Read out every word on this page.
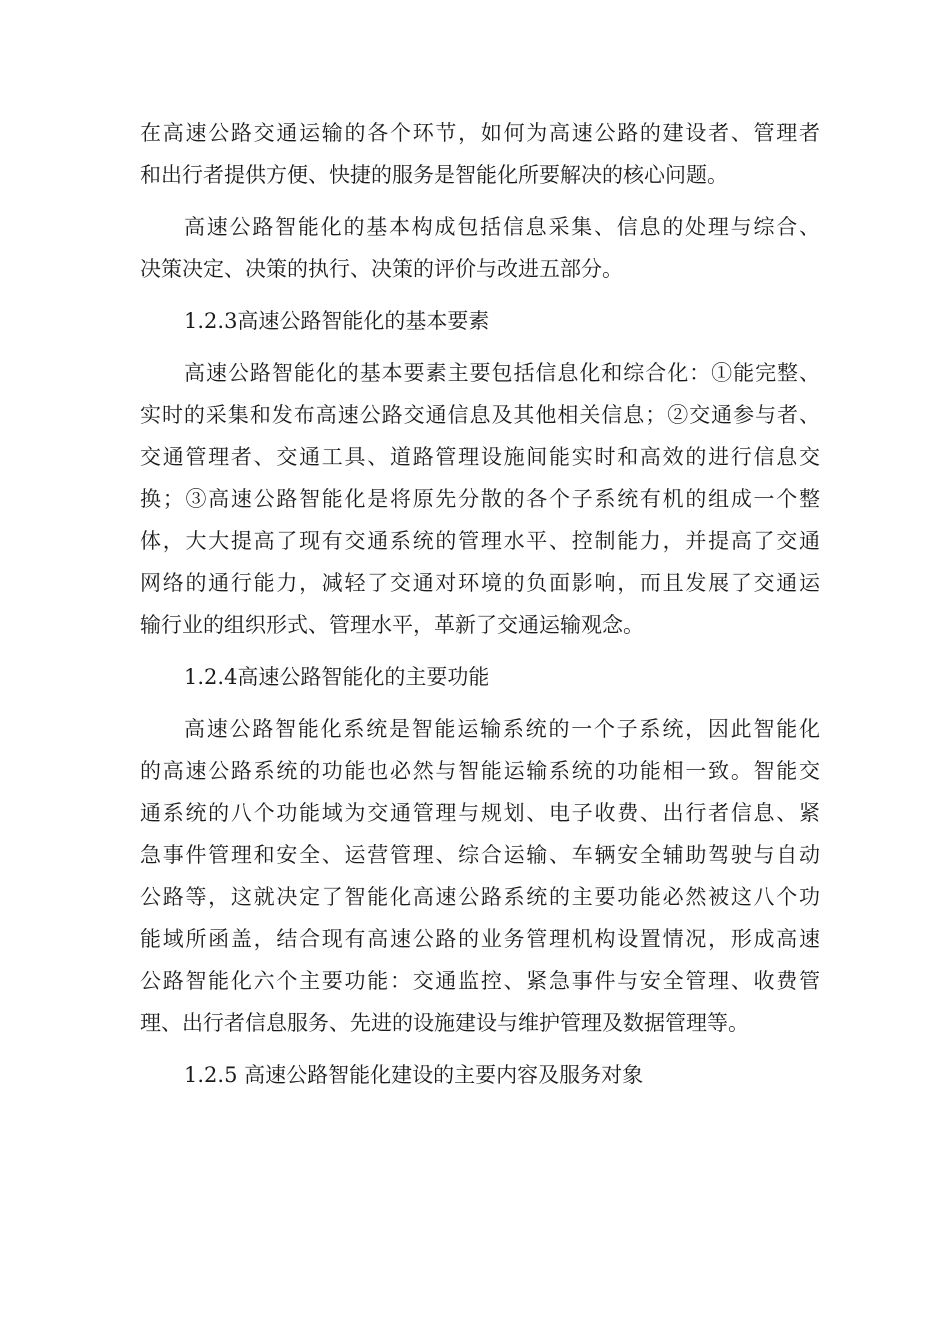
在高速公路交通运输的各个环节，如何为高速公路的建设者、管理者
和出行者提供方便、快捷的服务是智能化所要解决的核心问题。
高速公路智能化的基本构成包括信息采集、信息的处理与综合、
决策决定、决策的执行、决策的评价与改进五部分。
1.2.3高速公路智能化的基本要素
高速公路智能化的基本要素主要包括信息化和综合化：①能完整、
实时的采集和发布高速公路交通信息及其他相关信息；②交通参与者、
交通管理者、交通工具、道路管理设施间能实时和高效的进行信息交
换；③高速公路智能化是将原先分散的各个子系统有机的组成一个整
体，大大提高了现有交通系统的管理水平、控制能力，并提高了交通
网络的通行能力，减轻了交通对环境的负面影响，而且发展了交通运
输行业的组织形式、管理水平，革新了交通运输观念。
1.2.4高速公路智能化的主要功能
高速公路智能化系统是智能运输系统的一个子系统，因此智能化
的高速公路系统的功能也必然与智能运输系统的功能相一致。智能交
通系统的八个功能域为交通管理与规划、电子收费、出行者信息、紧
急事件管理和安全、运营管理、综合运输、车辆安全辅助驾驶与自动
公路等，这就决定了智能化高速公路系统的主要功能必然被这八个功
能域所函盖，结合现有高速公路的业务管理机构设置情况，形成高速
公路智能化六个主要功能：交通监控、紧急事件与安全管理、收费管
理、出行者信息服务、先进的设施建设与维护管理及数据管理等。
1.2.5 高速公路智能化建设的主要内容及服务对象
